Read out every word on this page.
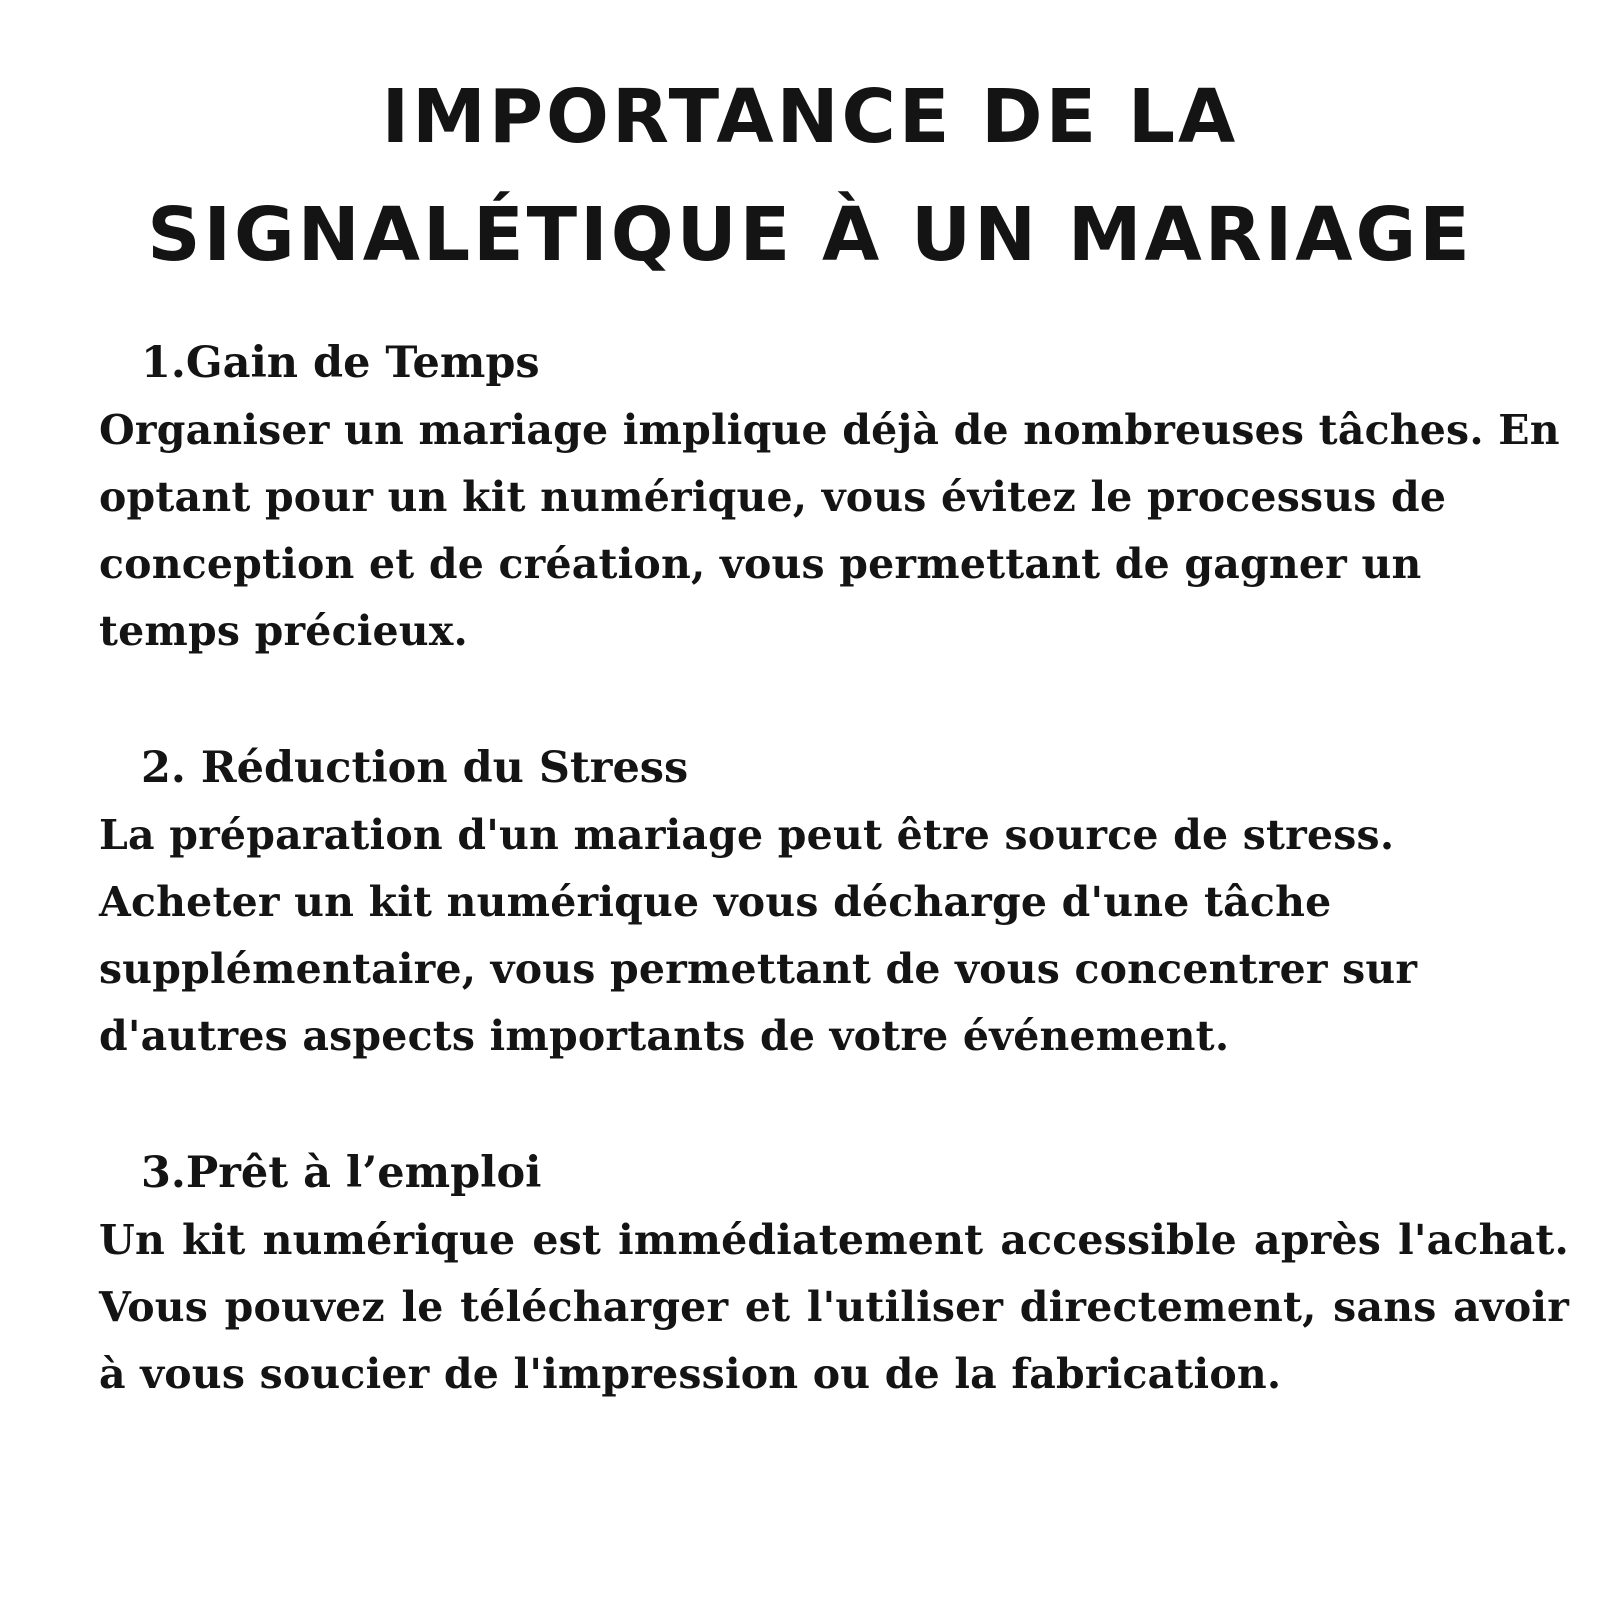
IMPORTANCE DE LA
SIGNALÉTIQUE À UN MARIAGE

1.Gain de Temps

Organiser un mariage implique déjà de nombreuses tâches. En optant pour un kit numérique, vous évitez le processus de conception et de création, vous permettant de gagner un temps précieux.

2. Réduction du Stress

La préparation d'un mariage peut être source de stress. Acheter un kit numérique vous décharge d'une tâche supplémentaire, vous permettant de vous concentrer sur d'autres aspects importants de votre événement.

3.Prêt à l’emploi

Un kit numérique est immédiatement accessible après l'achat. Vous pouvez le télécharger et l'utiliser directement, sans avoir à vous soucier de l'impression ou de la fabrication.
